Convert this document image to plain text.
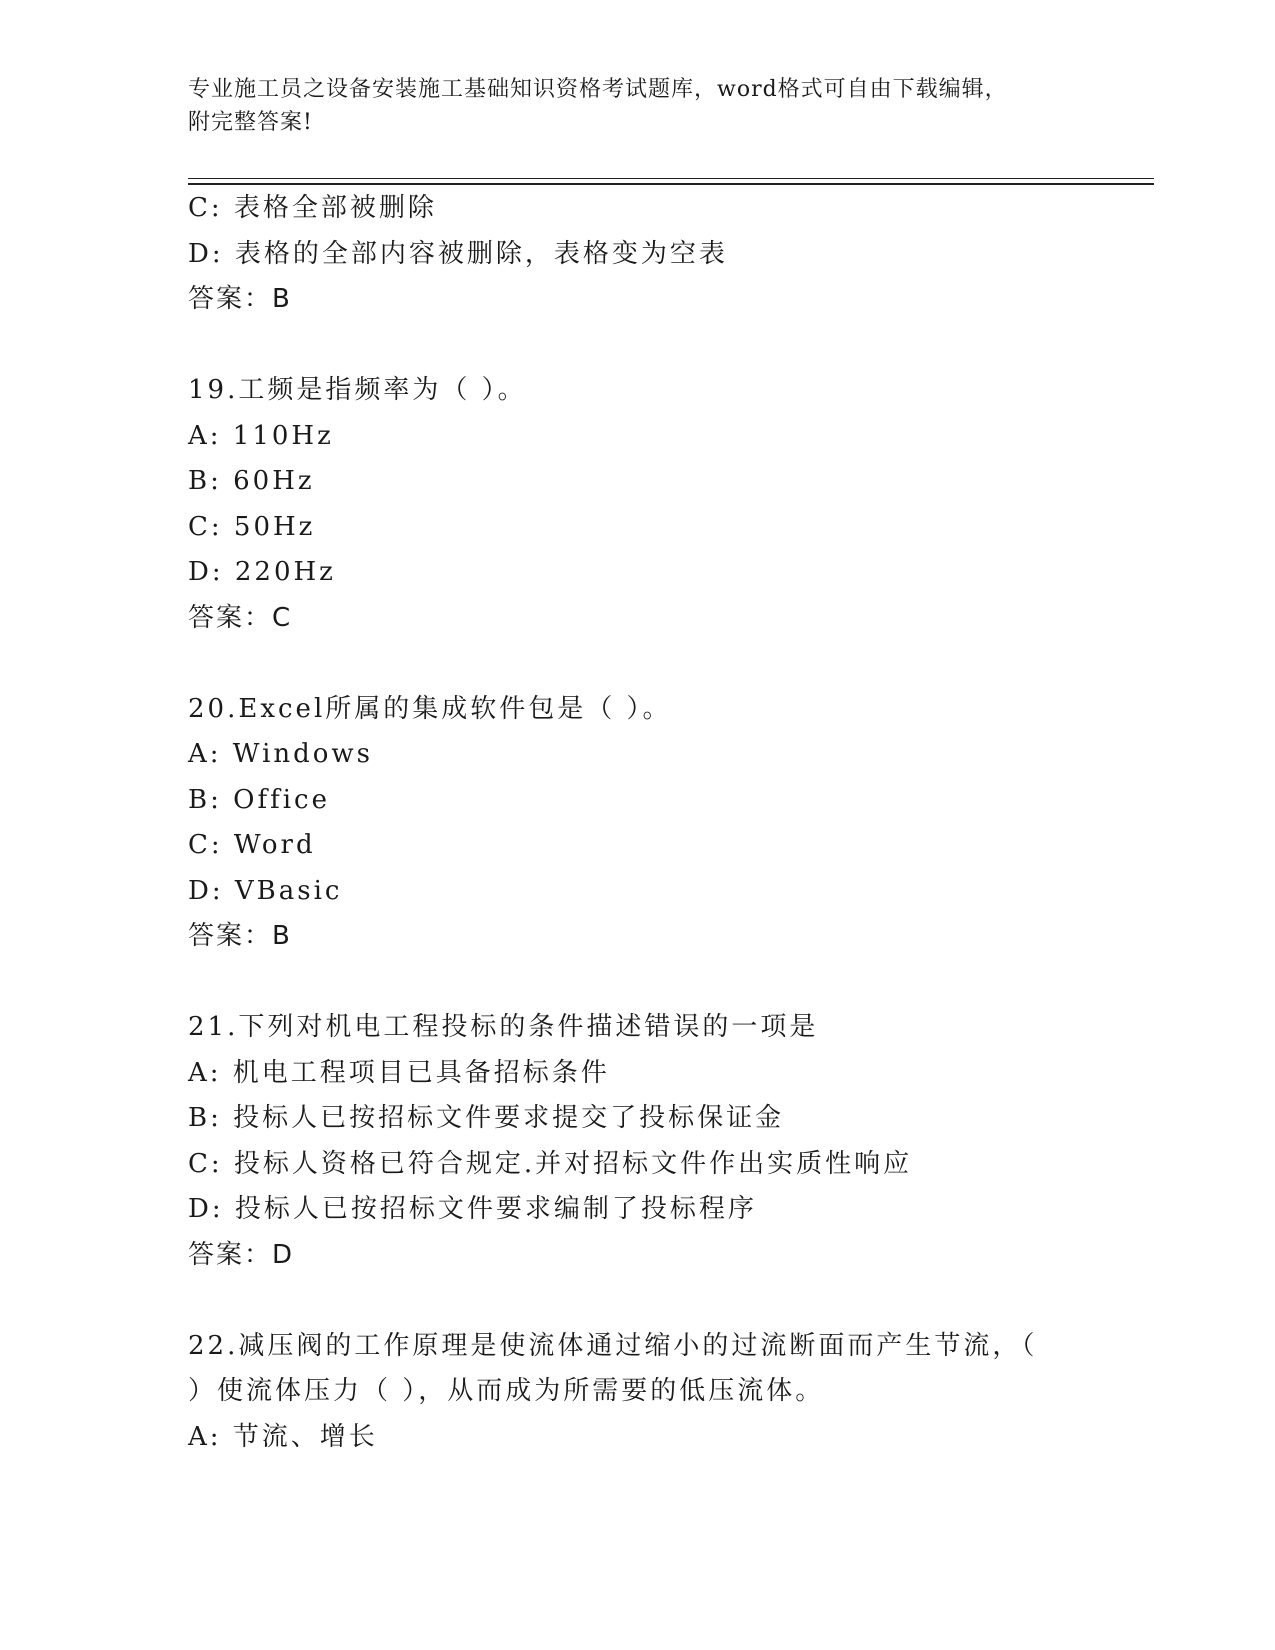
专业施工员之设备安装施工基础知识资格考试题库，word格式可自由下载编辑，
附完整答案!
C: 表格全部被删除
D: 表格的全部内容被删除，表格变为空表
答案：B
19.工频是指频率为（ ）。
A: 110Hz
B: 60Hz
C: 50Hz
D: 220Hz
答案：C
20.Excel所属的集成软件包是（ ）。
A: Windows
B: Office
C: Word
D: VBasic
答案：B
21.下列对机电工程投标的条件描述错误的一项是
A: 机电工程项目已具备招标条件
B: 投标人已按招标文件要求提交了投标保证金
C: 投标人资格已符合规定.并对招标文件作出实质性响应
D: 投标人已按招标文件要求编制了投标程序
答案：D
22.减压阀的工作原理是使流体通过缩小的过流断面而产生节流，（
）使流体压力（ ），从而成为所需要的低压流体。
A: 节流、增长
